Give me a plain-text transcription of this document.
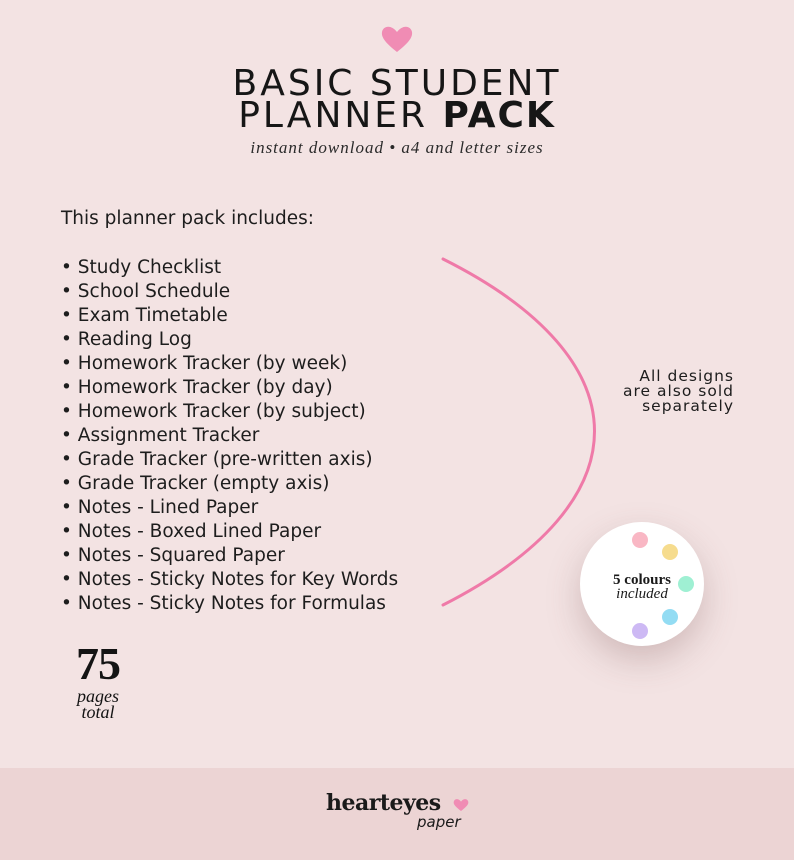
BASIC STUDENT
PLANNER PACK
instant download • a4 and letter sizes
This planner pack includes:
• Study Checklist
• School Schedule
• Exam Timetable
• Reading Log
• Homework Tracker (by week)
• Homework Tracker (by day)
• Homework Tracker (by subject)
• Assignment Tracker
• Grade Tracker (pre-written axis)
• Grade Tracker (empty axis)
• Notes - Lined Paper
• Notes - Boxed Lined Paper
• Notes - Squared Paper
• Notes - Sticky Notes for Key Words
• Notes - Sticky Notes for Formulas
All designs
are also sold
separately
5 colours
included
75
pages
total
hearteyes
paper
